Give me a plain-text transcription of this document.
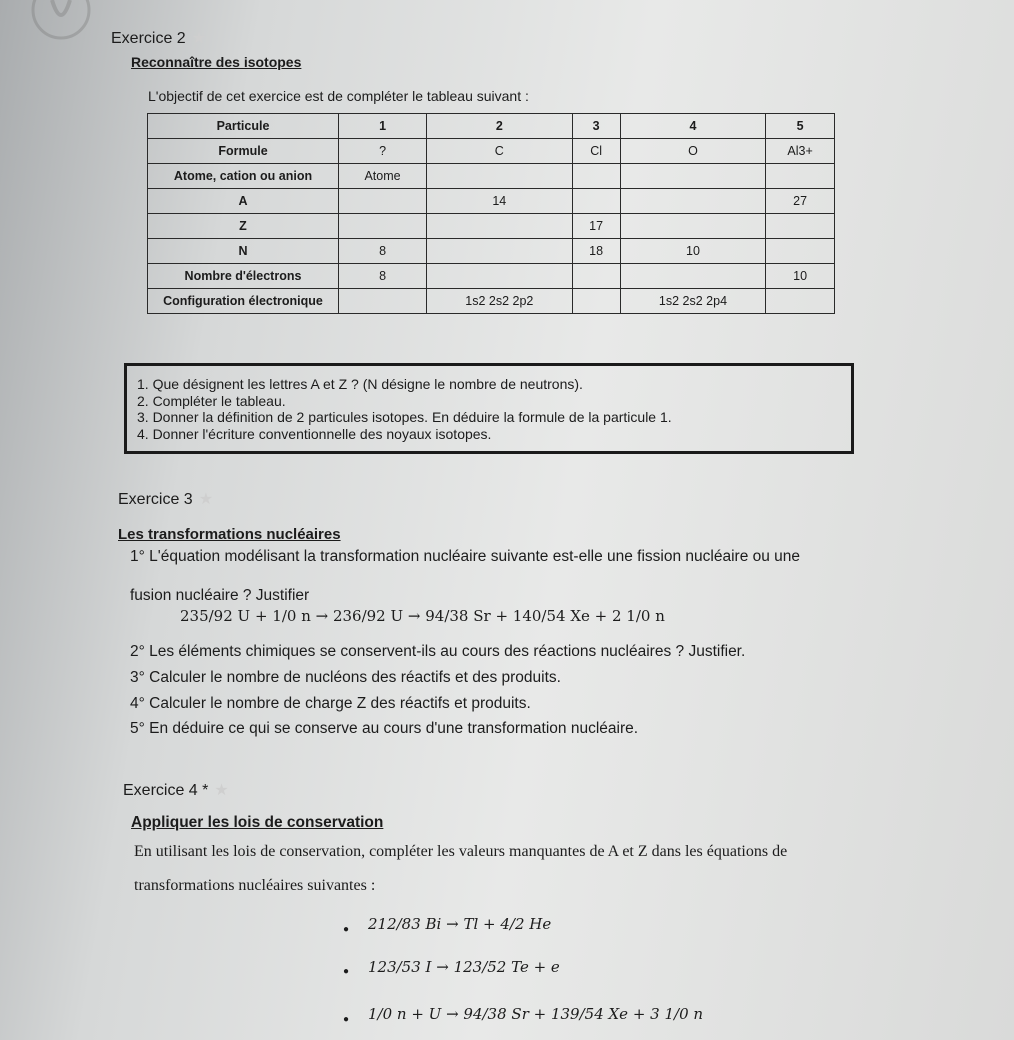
Exercice 2 ★
Reconnaître des isotopes
L'objectif de cet exercice est de compléter le tableau suivant :
Particule	1	2	3	4	5
Formule	?	C	Cl	O	Al3+
Atome, cation ou anion	Atome				
A		14			27
Z			17		
N	8		18	10	
Nombre d'électrons	8				10
Configuration électronique		1s2 2s2 2p2		1s2 2s2 2p4	
1. Que désignent les lettres A et Z ? (N désigne le nombre de neutrons).
2. Compléter le tableau.
3. Donner la définition de 2 particules isotopes. En déduire la formule de la particule 1.
4. Donner l'écriture conventionnelle des noyaux isotopes.
Exercice 3 ★
Les transformations nucléaires
1° L'équation modélisant la transformation nucléaire suivante est-elle une fission nucléaire ou une
fusion nucléaire ? Justifier
235/92 U + 1/0 n → 236/92 U → 94/38 Sr + 140/54 Xe + 2 1/0 n
2° Les éléments chimiques se conservent-ils au cours des réactions nucléaires ? Justifier.
3° Calculer le nombre de nucléons des réactifs et des produits.
4° Calculer le nombre de charge Z des réactifs et produits.
5° En déduire ce qui se conserve au cours d'une transformation nucléaire.
Exercice 4 * ★
Appliquer les lois de conservation
En utilisant les lois de conservation, compléter les valeurs manquantes de A et Z dans les équations de
transformations nucléaires suivantes :
● 212/83 Bi → Tl + 4/2 He
● 123/53 I → 123/52 Te + e
● 1/0 n + U → 94/38 Sr + 139/54 Xe + 3 1/0 n
